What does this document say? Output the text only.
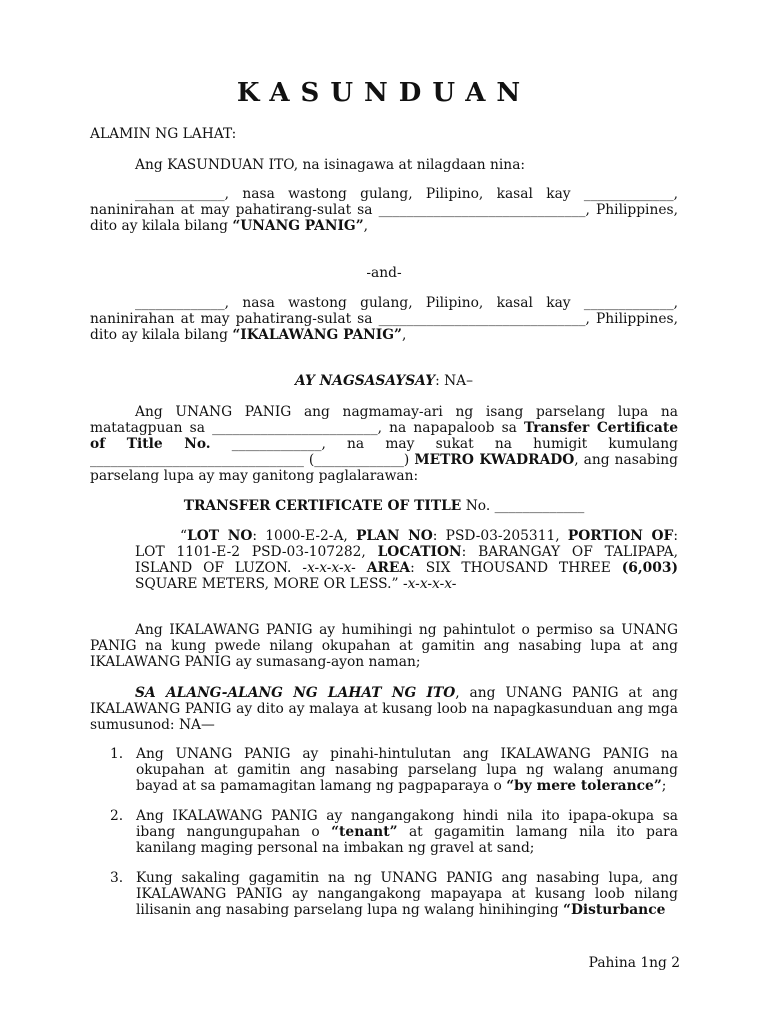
KASUNDUAN

ALAMIN NG LAHAT:

Ang KASUNDUAN ITO, na isinagawa at nilagdaan nina:

_____________, nasa wastong gulang, Pilipino, kasal kay _____________, naninirahan at may pahatirang-sulat sa ______________________________, Philippines, dito ay kilala bilang “UNANG PANIG”,

-and-

_____________, nasa wastong gulang, Pilipino, kasal kay _____________, naninirahan at may pahatirang-sulat sa ______________________________, Philippines, dito ay kilala bilang “IKALAWANG PANIG”,

AY NAGSASAYSAY: NA–

Ang UNANG PANIG ang nagmamay-ari ng isang parselang lupa na matatagpuan sa ________________________, na napapaloob sa Transfer Certificate of Title No. _____________, na may sukat na humigit kumulang _______________________________ (_____________) METRO KWADRADO, ang nasabing parselang lupa ay may ganitong paglalarawan:

TRANSFER CERTIFICATE OF TITLE No. _____________

“LOT NO: 1000-E-2-A, PLAN NO: PSD-03-205311, PORTION OF: LOT 1101-E-2 PSD-03-107282, LOCATION: BARANGAY OF TALIPAPA, ISLAND OF LUZON. -x-x-x-x- AREA: SIX THOUSAND THREE (6,003) SQUARE METERS, MORE OR LESS.” -x-x-x-x-

Ang IKALAWANG PANIG ay humihingi ng pahintulot o permiso sa UNANG PANIG na kung pwede nilang okupahan at gamitin ang nasabing lupa at ang IKALAWANG PANIG ay sumasang-ayon naman;

SA ALANG-ALANG NG LAHAT NG ITO, ang UNANG PANIG at ang IKALAWANG PANIG ay dito ay malaya at kusang loob na napagkasunduan ang mga sumusunod: NA—

1. Ang UNANG PANIG ay pinahi-hintulutan ang IKALAWANG PANIG na okupahan at gamitin ang nasabing parselang lupa ng walang anumang bayad at sa pamamagitan lamang ng pagpaparaya o “by mere tolerance”;
2. Ang IKALAWANG PANIG ay nangangakong hindi nila ito ipapa-okupa sa ibang nangungupahan o “tenant” at gagamitin lamang nila ito para kanilang maging personal na imbakan ng gravel at sand;
3. Kung sakaling gagamitin na ng UNANG PANIG ang nasabing lupa, ang IKALAWANG PANIG ay nangangakong mapayapa at kusang loob nilang lilisanin ang nasabing parselang lupa ng walang hinihinging “Disturbance
Pahina 1ng 2
